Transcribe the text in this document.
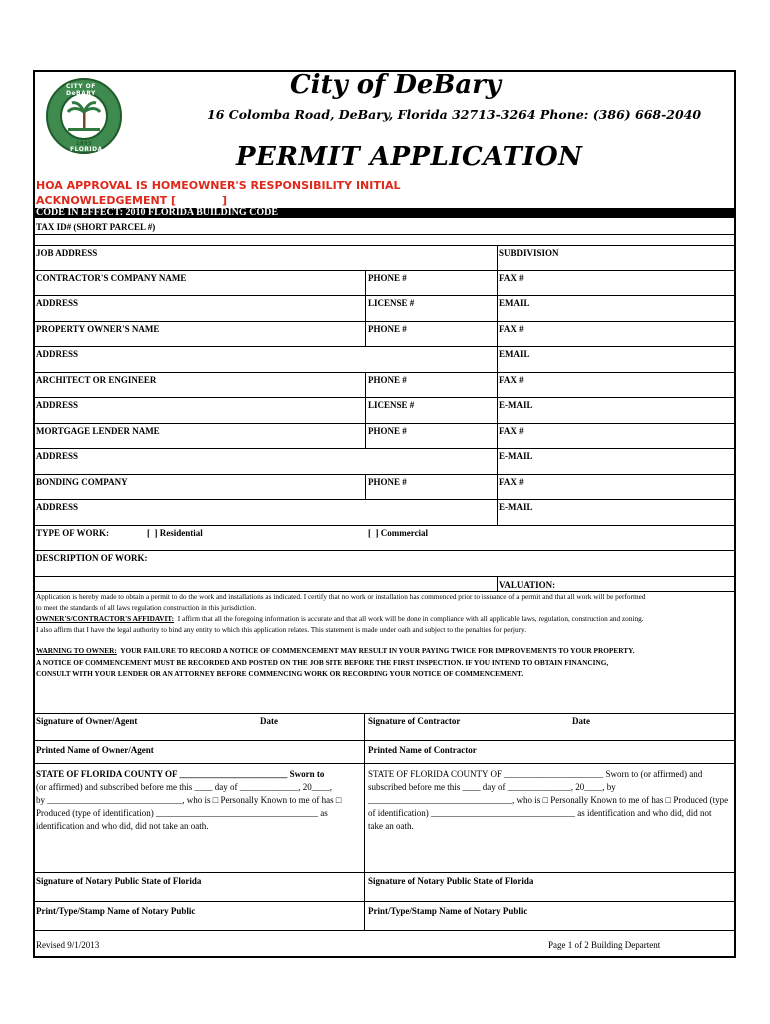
CITY OF DeBARY
1993
FLORIDA
City of DeBary
16 Colomba Road, DeBary, Florida 32713-3264 Phone: (386) 668-2040
PERMIT APPLICATION
HOA APPROVAL IS HOMEOWNER'S RESPONSIBILITY INITIAL
ACKNOWLEDGEMENT [            ]
CODE IN EFFECT: 2010 FLORIDA BUILDING CODE
TAX ID# (SHORT PARCEL #)
JOB ADDRESS	SUBDIVISION
CONTRACTOR'S COMPANY NAME	PHONE #	FAX #
ADDRESS	LICENSE #	EMAIL
PROPERTY OWNER'S NAME	PHONE #	FAX #
ADDRESS	EMAIL
ARCHITECT OR ENGINEER	PHONE #	FAX #
ADDRESS	LICENSE #	E-MAIL
MORTGAGE LENDER NAME	PHONE #	FAX #
ADDRESS	E-MAIL
BONDING COMPANY	PHONE #	FAX #
ADDRESS	E-MAIL
TYPE OF WORK:	[  ] Residential	[  ] Commercial
DESCRIPTION OF WORK:
VALUATION:
Application is hereby made to obtain a permit to do the work and installations as indicated. I certify that no work or installation has commenced prior to issuance of a permit and that all work will be performed
to meet the standards of all laws regulation construction in this jurisdiction.
OWNER'S/CONTRACTOR'S AFFIDAVIT:  I affirm that all the foregoing information is accurate and that all work will be done in compliance with all applicable laws, regulation, construction and zoning.
I also affirm that I have the legal authority to bind any entity to which this application relates. This statement is made under oath and subject to the penalties for perjury.
WARNING TO OWNER:  YOUR FAILURE TO RECORD A NOTICE OF COMMENCEMENT MAY RESULT IN YOUR PAYING TWICE FOR IMPROVEMENTS TO YOUR PROPERTY.
A NOTICE OF COMMENCEMENT MUST BE RECORDED AND POSTED ON THE JOB SITE BEFORE THE FIRST INSPECTION. IF YOU INTEND TO OBTAIN FINANCING,
CONSULT WITH YOUR LENDER OR AN ATTORNEY BEFORE COMMENCING WORK OR RECORDING YOUR NOTICE OF COMMENCEMENT.
Signature of Owner/Agent	Date	Signature of Contractor	Date
Printed Name of Owner/Agent	Printed Name of Contractor
STATE OF FLORIDA COUNTY OF ________________________ Sworn to
(or affirmed) and subscribed before me this ____ day of _____________, 20____,
by ______________________________, who is □ Personally Known to me of has □
Produced (type of identification) ____________________________________ as
identification and who did, did not take an oath.
STATE OF FLORIDA COUNTY OF ______________________ Sworn to (or affirmed) and
subscribed before me this ____ day of ______________, 20____, by
________________________________, who is □ Personally Known to me of has □ Produced (type
of identification) ________________________________ as identification and who did, did not
take an oath.
Signature of Notary Public State of Florida	Signature of Notary Public State of Florida
Print/Type/Stamp Name of Notary Public	Print/Type/Stamp Name of Notary Public
Revised 9/1/2013	Page 1 of 2 Building Departent
